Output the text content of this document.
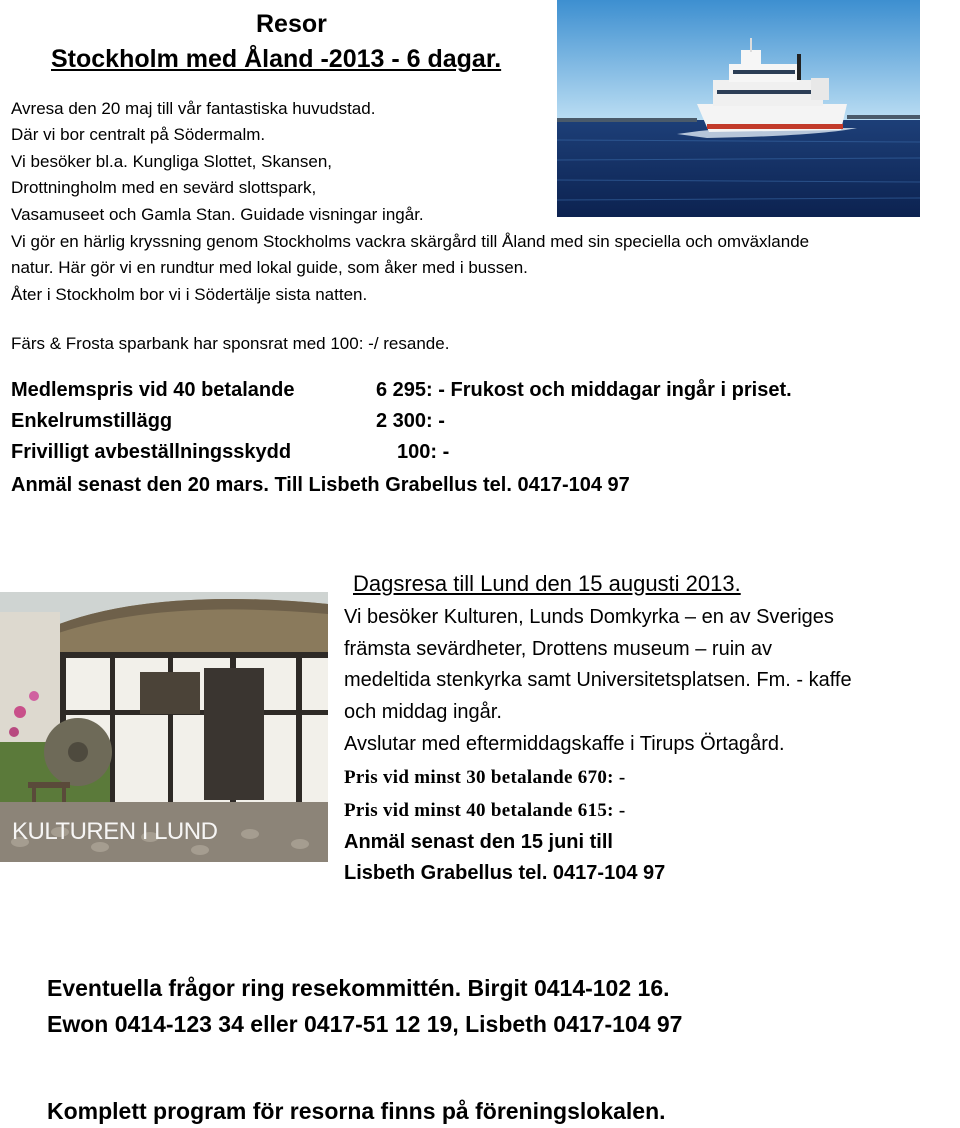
KULTUREN I LUND
Resor
Stockholm med Åland -2013 - 6 dagar.
Avresa den 20 maj till vår fantastiska huvudstad.
Där vi bor centralt på Södermalm.
Vi besöker bl.a. Kungliga Slottet, Skansen,
Drottningholm med en sevärd slottspark,
Vasamuseet och Gamla Stan. Guidade visningar ingår.
Vi gör en härlig kryssning genom Stockholms vackra skärgård till Åland med sin speciella och omväxlande
natur. Här gör vi en rundtur med lokal guide, som åker med i bussen.
Åter i Stockholm bor vi i Södertälje sista natten.
Färs & Frosta sparbank har sponsrat med 100: -/ resande.
Medlemspris vid 40 betalande	6 295: - Frukost och middagar ingår i priset.
Enkelrumstillägg	2 300: -
Frivilligt avbeställningsskydd	100: -
Anmäl senast den 20 mars. Till Lisbeth Grabellus tel. 0417-104 97
Dagsresa till Lund den 15 augusti 2013.
Vi besöker Kulturen, Lunds Domkyrka – en av Sveriges
främsta sevärdheter, Drottens museum – ruin av
medeltida stenkyrka samt Universitetsplatsen. Fm. - kaffe
och middag ingår.
Avslutar med eftermiddagskaffe i Tirups Örtagård.
Pris vid minst 30 betalande 670: -
Pris vid minst 40 betalande 615: -
Anmäl senast den 15 juni till
Lisbeth Grabellus tel. 0417-104 97
Eventuella frågor ring resekommittén. Birgit 0414-102 16.
Ewon 0414-123 34 eller 0417-51 12 19, Lisbeth 0417-104 97
Komplett program för resorna finns på föreningslokalen.
